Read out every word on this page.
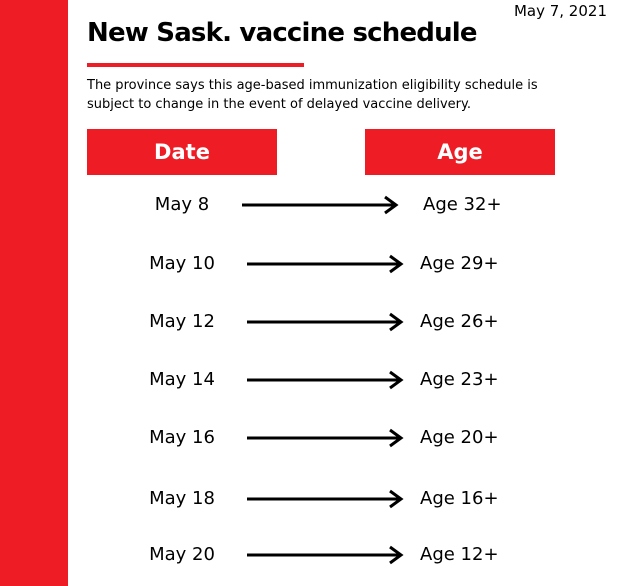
May 7, 2021
New Sask. vaccine schedule
The province says this age-based immunization eligibility schedule is subject to change in the event of delayed vaccine delivery.
Date	Age
May 8	Age 32+
May 10	Age 29+
May 12	Age 26+
May 14	Age 23+
May 16	Age 20+
May 18	Age 16+
May 20	Age 12+
